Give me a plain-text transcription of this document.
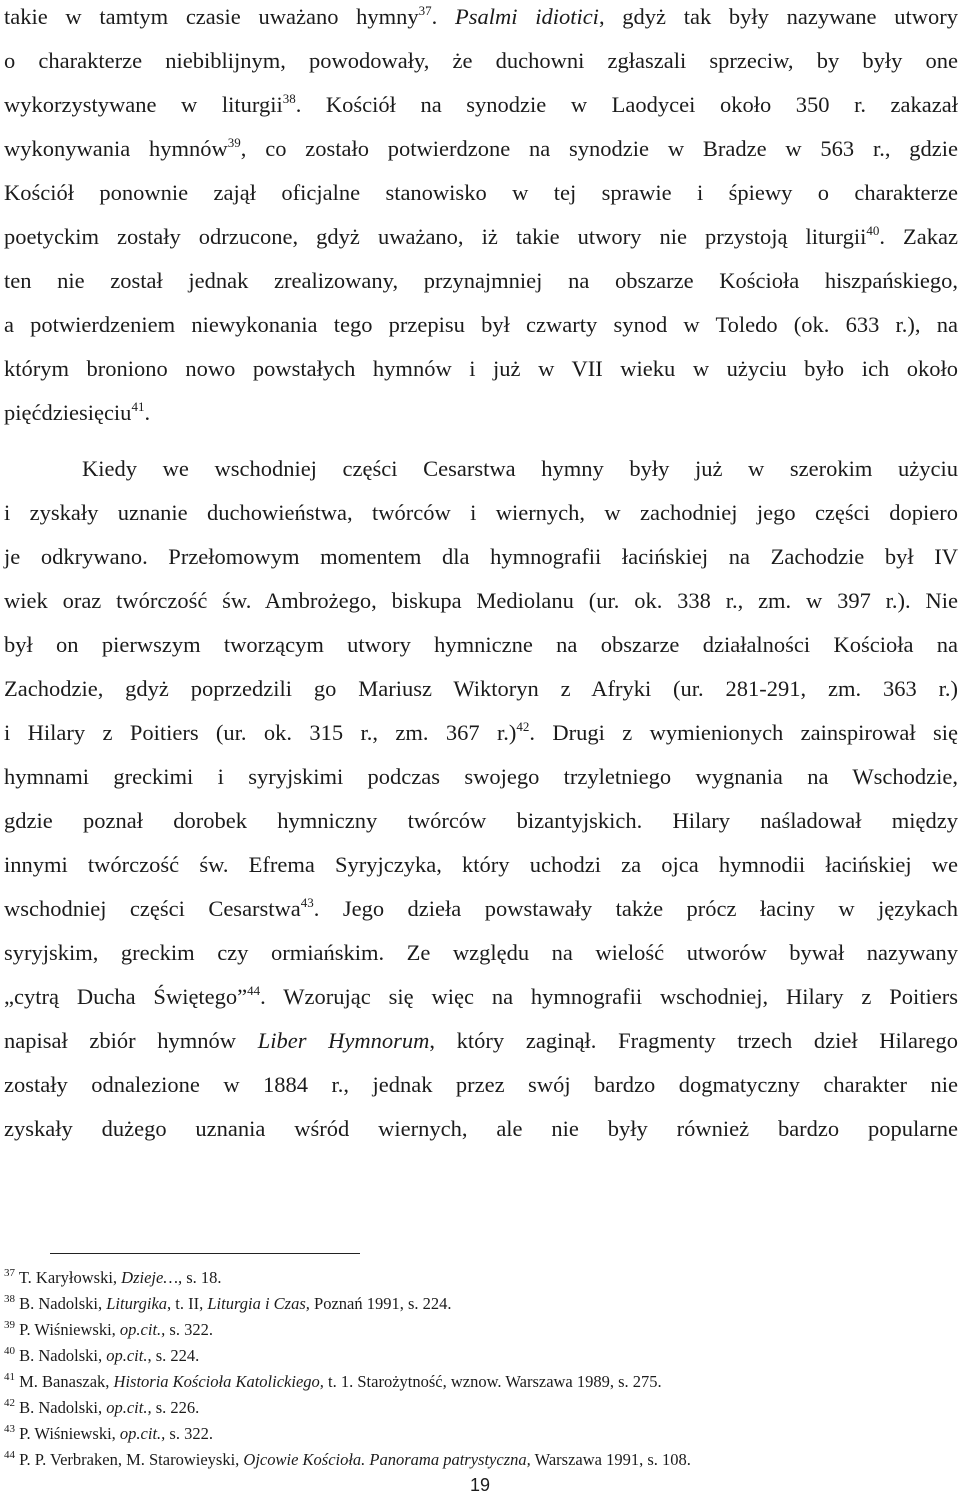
takie w tamtym czasie uważano hymny$^{37}$. Psalmi idiotici, gdyż tak były nazywane utwory
o charakterze niebiblijnym, powodowały, że duchowni zgłaszali sprzeciw, by były one
wykorzystywane w liturgii$^{38}$. Kościół na synodzie w Laodycei około 350 r. zakazał
wykonywania hymnów$^{39}$, co zostało potwierdzone na synodzie w Bradze w 563 r., gdzie
Kościół ponownie zajął oficjalne stanowisko w tej sprawie i śpiewy o charakterze
poetyckim zostały odrzucone, gdyż uważano, iż takie utwory nie przystoją liturgii$^{40}$. Zakaz
ten nie został jednak zrealizowany, przynajmniej na obszarze Kościoła hiszpańskiego,
a potwierdzeniem niewykonania tego przepisu był czwarty synod w Toledo (ok. 633 r.), na
którym broniono nowo powstałych hymnów i już w VII wieku w użyciu było ich około
pięćdziesięciu$^{41}$.
Kiedy we wschodniej części Cesarstwa hymny były już w szerokim użyciu
i zyskały uznanie duchowieństwa, twórców i wiernych, w zachodniej jego części dopiero
je odkrywano. Przełomowym momentem dla hymnografii łacińskiej na Zachodzie był IV
wiek oraz twórczość św. Ambrożego, biskupa Mediolanu (ur. ok. 338 r., zm. w 397 r.). Nie
był on pierwszym tworzącym utwory hymniczne na obszarze działalności Kościoła na
Zachodzie, gdyż poprzedzili go Mariusz Wiktoryn z Afryki (ur. 281-291, zm. 363 r.)
i Hilary z Poitiers (ur. ok. 315 r., zm. 367 r.)$^{42}$. Drugi z wymienionych zainspirował się
hymnami greckimi i syryjskimi podczas swojego trzyletniego wygnania na Wschodzie,
gdzie poznał dorobek hymniczny twórców bizantyjskich. Hilary naśladował między
innymi twórczość św. Efrema Syryjczyka, który uchodzi za ojca hymnodii łacińskiej we
wschodniej części Cesarstwa$^{43}$. Jego dzieła powstawały także prócz łaciny w językach
syryjskim, greckim czy ormiańskim. Ze względu na wielość utworów bywał nazywany
„cytrą Ducha Świętego”$^{44}$. Wzorując się więc na hymnografii wschodniej, Hilary z Poitiers
napisał zbiór hymnów Liber Hymnorum, który zaginął. Fragmenty trzech dzieł Hilarego
zostały odnalezione w 1884 r., jednak przez swój bardzo dogmatyczny charakter nie
zyskały dużego uznania wśród wiernych, ale nie były również bardzo popularne
$^{37}$ T. Karyłowski, Dzieje…, s. 18.
$^{38}$ B. Nadolski, Liturgika, t. II, Liturgia i Czas, Poznań 1991, s. 224.
$^{39}$ P. Wiśniewski, op.cit., s. 322.
$^{40}$ B. Nadolski, op.cit., s. 224.
$^{41}$ M. Banaszak, Historia Kościoła Katolickiego, t. 1. Starożytność, wznow. Warszawa 1989, s. 275.
$^{42}$ B. Nadolski, op.cit., s. 226.
$^{43}$ P. Wiśniewski, op.cit., s. 322.
$^{44}$ P. P. Verbraken, M. Starowieyski, Ojcowie Kościoła. Panorama patrystyczna, Warszawa 1991, s. 108.
19
